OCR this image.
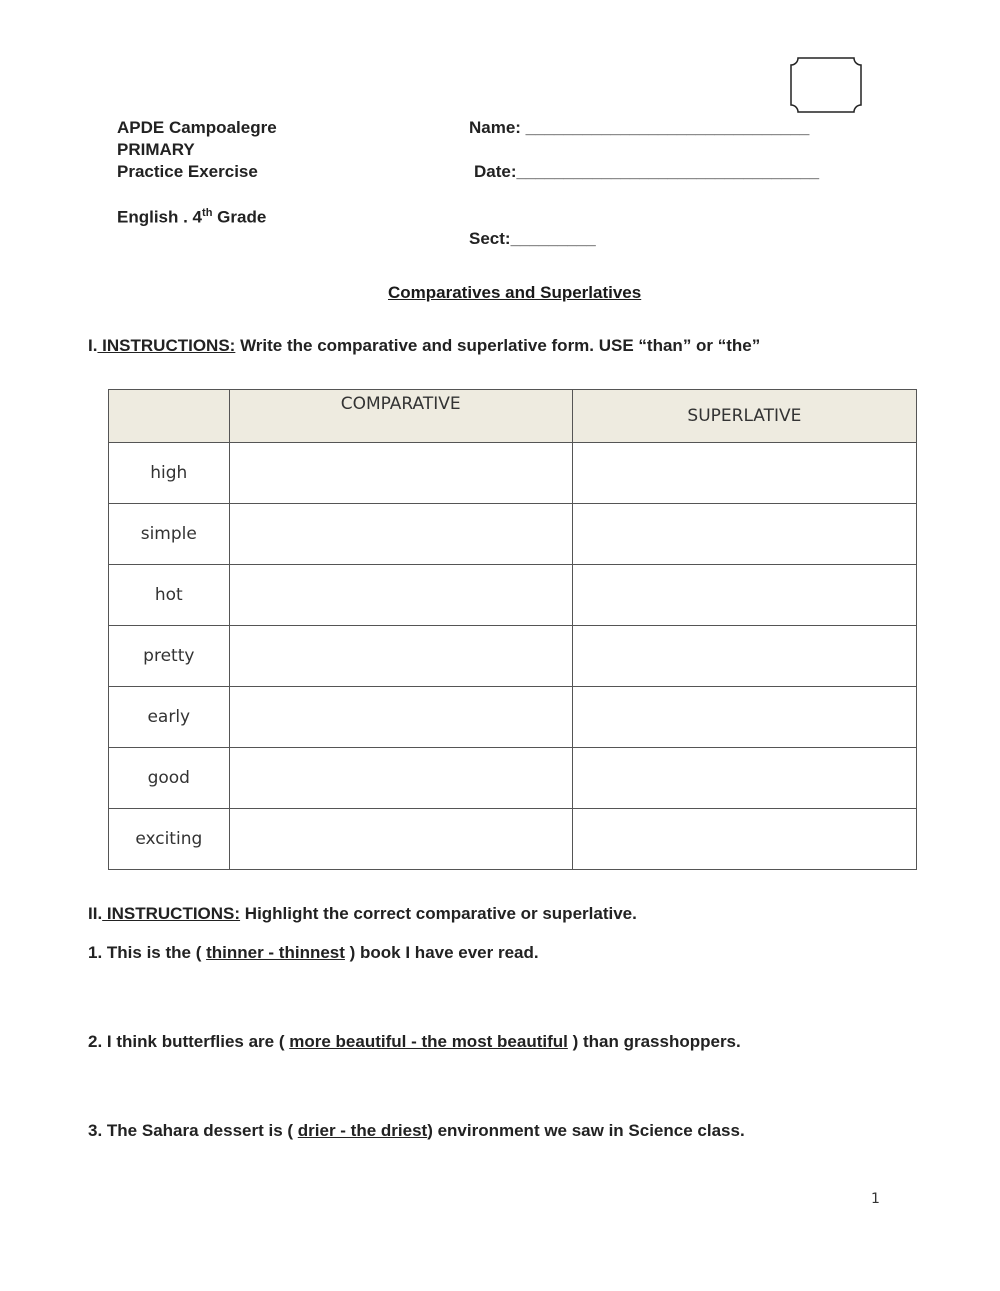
APDE Campoalegre
PRIMARY
Practice Exercise
English . 4th Grade
Name: ______________________________
Date:________________________________
Sect:_________
Comparatives and Superlatives
I. INSTRUCTIONS: Write the comparative and superlative form. USE “than” or “the”
	COMPARATIVE	SUPERLATIVE
high		
simple		
hot		
pretty		
early		
good		
exciting		
II. INSTRUCTIONS: Highlight the correct comparative or superlative.
1. This is the ( thinner - thinnest ) book I have ever read.
2. I think butterflies are ( more beautiful - the most beautiful ) than grasshoppers.
3. The Sahara dessert is ( drier - the driest) environment we saw in Science class.
1
